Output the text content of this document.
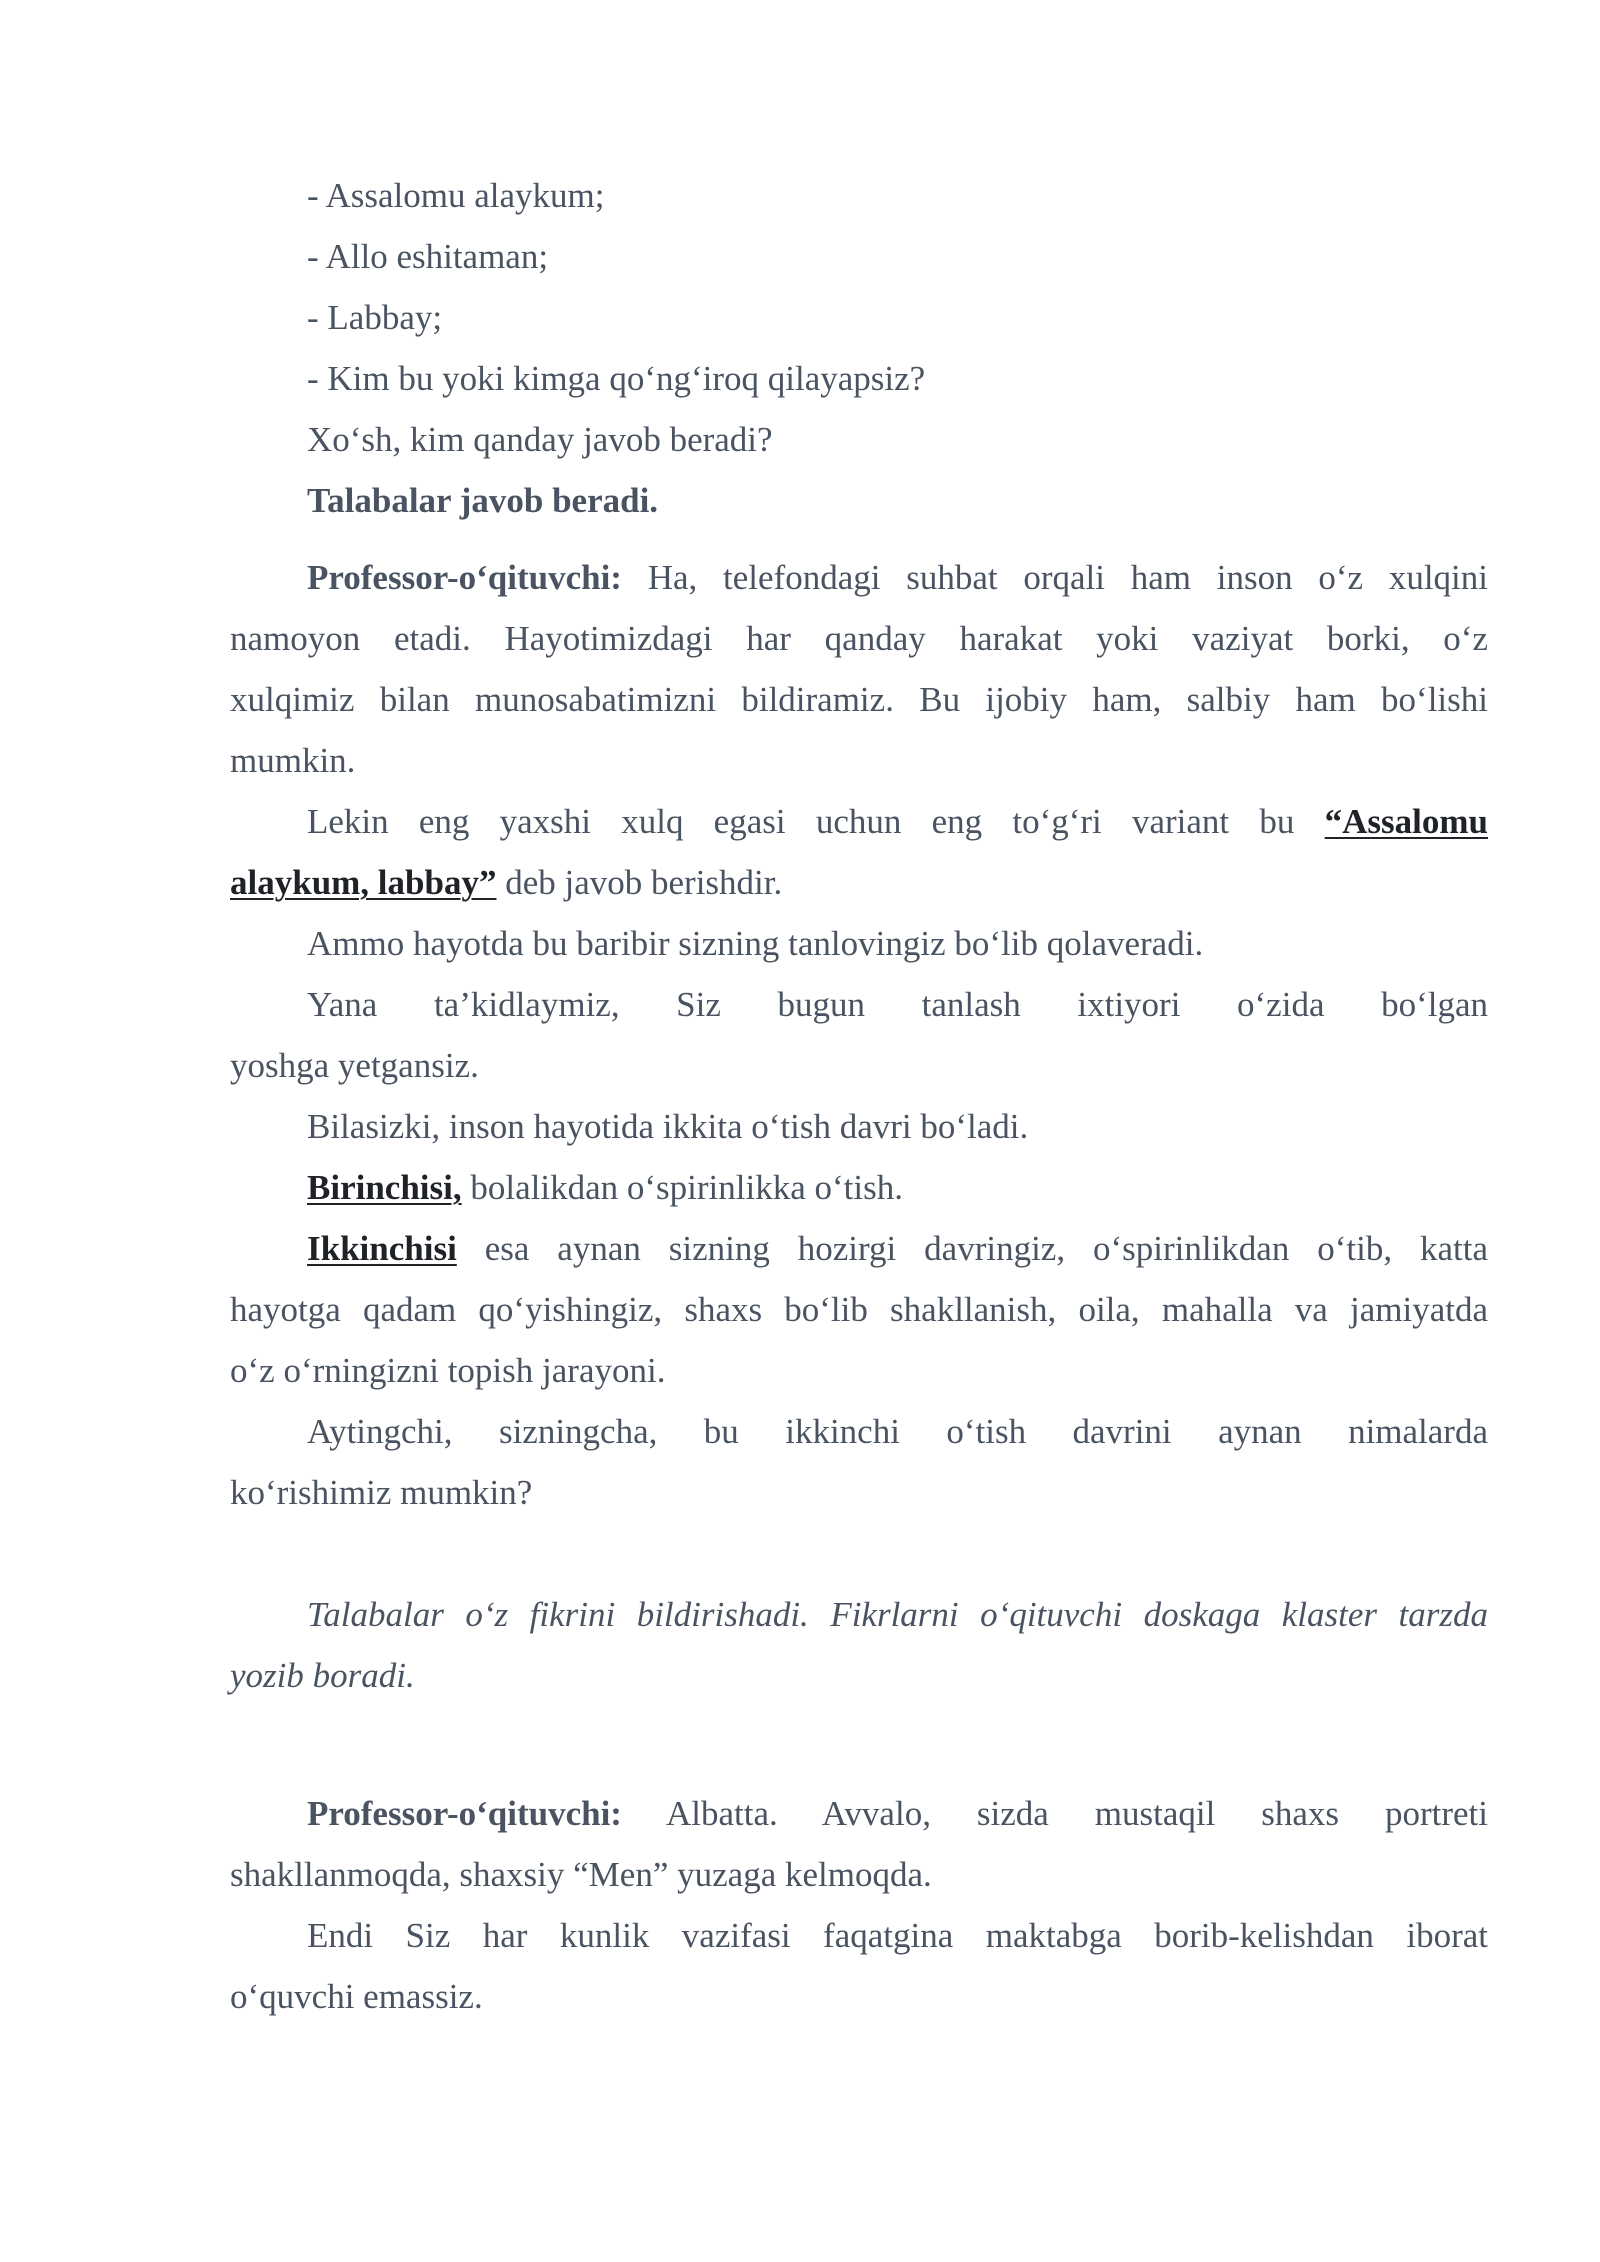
- Assalomu alaykum;
- Allo eshitaman;
- Labbay;
- Kim bu yoki kimga qo‘ng‘iroq qilayapsiz?
Xo‘sh, kim qanday javob beradi?
Talabalar javob beradi.
Professor-o‘qituvchi: Ha, telefondagi suhbat orqali ham inson o‘z xulqini
namoyon etadi. Hayotimizdagi har qanday harakat yoki vaziyat borki, o‘z
xulqimiz bilan munosabatimizni bildiramiz. Bu ijobiy ham, salbiy ham bo‘lishi
mumkin.
Lekin eng yaxshi xulq egasi uchun eng to‘g‘ri variant bu “Assalomu
alaykum, labbay” deb javob berishdir.
Ammo hayotda bu baribir sizning tanlovingiz bo‘lib qolaveradi.
Yana ta’kidlaymiz, Siz bugun tanlash ixtiyori o‘zida bo‘lgan
yoshga yetgansiz.
Bilasizki, inson hayotida ikkita o‘tish davri bo‘ladi.
Birinchisi, bolalikdan o‘spirinlikka o‘tish.
Ikkinchisi esa aynan sizning hozirgi davringiz, o‘spirinlikdan o‘tib, katta
hayotga qadam qo‘yishingiz, shaxs bo‘lib shakllanish, oila, mahalla va jamiyatda
o‘z o‘rningizni topish jarayoni.
Aytingchi, sizningcha, bu ikkinchi o‘tish davrini aynan nimalarda
ko‘rishimiz mumkin?
Talabalar o‘z fikrini bildirishadi. Fikrlarni o‘qituvchi doskaga klaster tarzda
yozib boradi.
Professor-o‘qituvchi: Albatta. Avvalo, sizda mustaqil shaxs portreti
shakllanmoqda, shaxsiy “Men” yuzaga kelmoqda.
Endi Siz har kunlik vazifasi faqatgina maktabga borib-kelishdan iborat
o‘quvchi emassiz.
